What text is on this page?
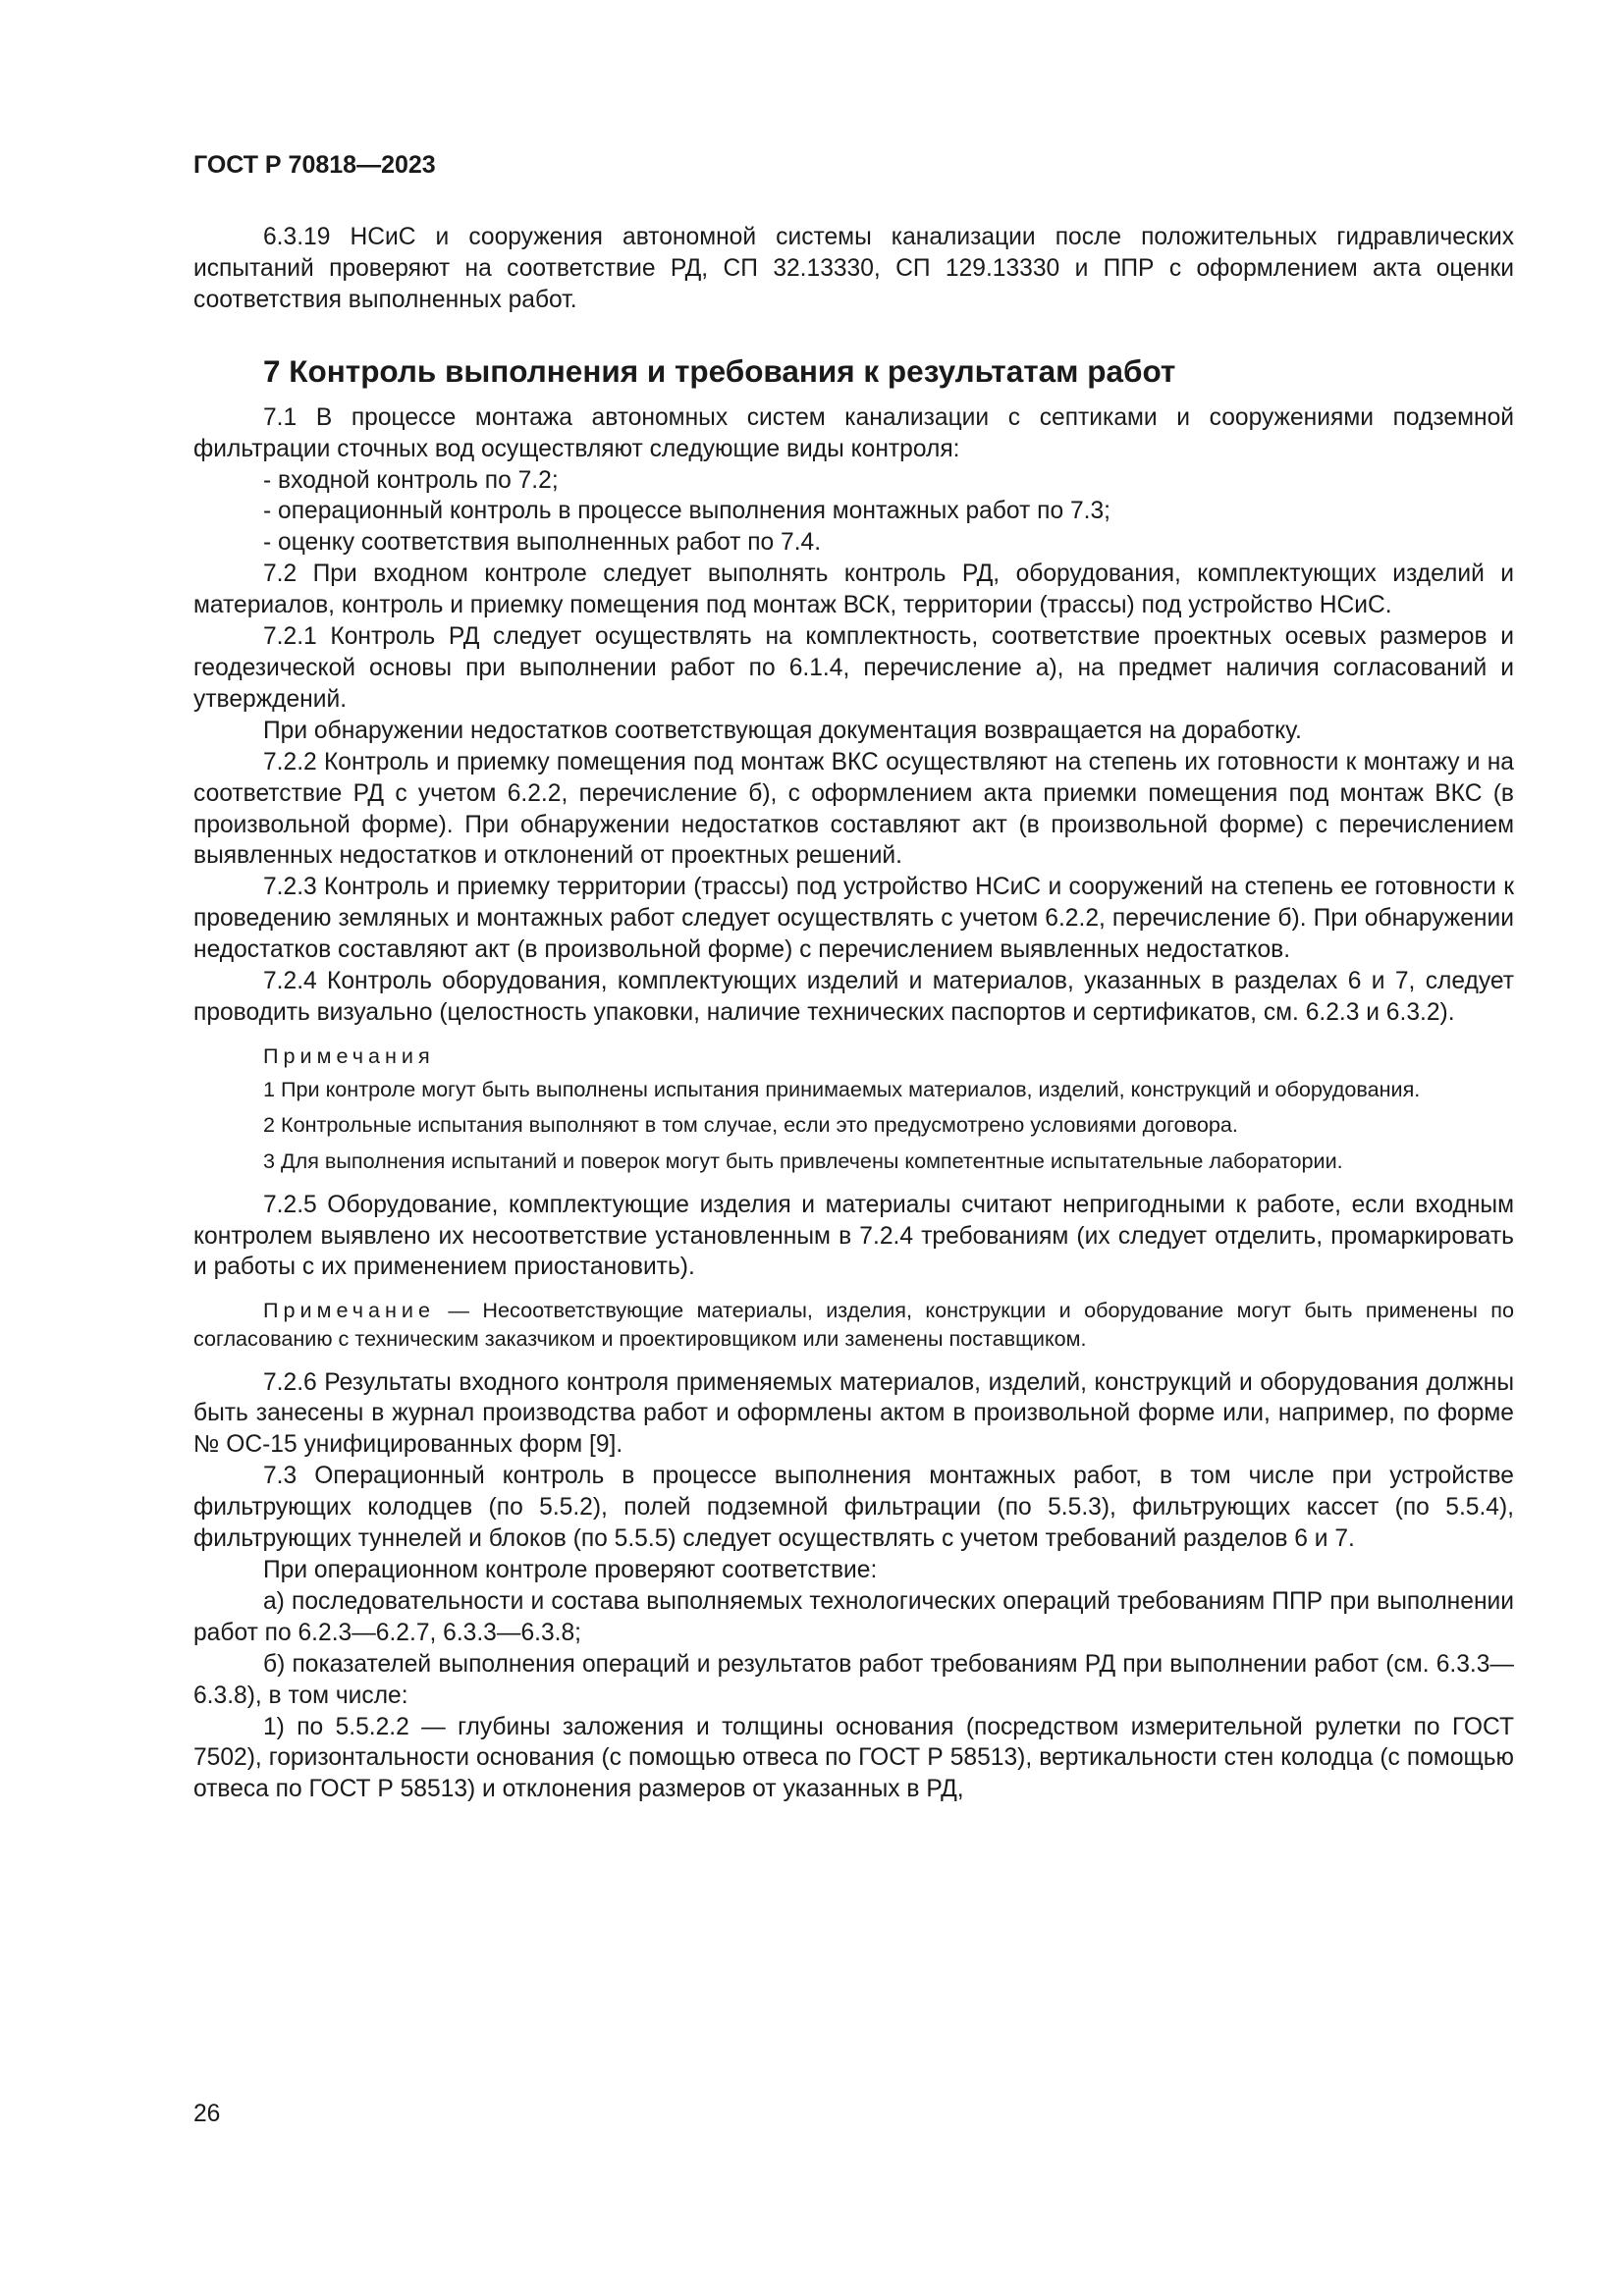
ГОСТ Р 70818—2023

6.3.19 НСиС и сооружения автономной системы канализации после положительных гидравлических испытаний проверяют на соответствие РД, СП 32.13330, СП 129.13330 и ППР с оформлением акта оценки соответствия выполненных работ.

7 Контроль выполнения и требования к результатам работ

7.1 В процессе монтажа автономных систем канализации с септиками и сооружениями подземной фильтрации сточных вод осуществляют следующие виды контроля:

- входной контроль по 7.2;

- операционный контроль в процессе выполнения монтажных работ по 7.3;

- оценку соответствия выполненных работ по 7.4.

7.2 При входном контроле следует выполнять контроль РД, оборудования, комплектующих изделий и материалов, контроль и приемку помещения под монтаж ВСК, территории (трассы) под устройство НСиС.

7.2.1 Контроль РД следует осуществлять на комплектность, соответствие проектных осевых размеров и геодезической основы при выполнении работ по 6.1.4, перечисление а), на предмет наличия согласований и утверждений.

При обнаружении недостатков соответствующая документация возвращается на доработку.

7.2.2 Контроль и приемку помещения под монтаж ВКС осуществляют на степень их готовности к монтажу и на соответствие РД с учетом 6.2.2, перечисление б), с оформлением акта приемки помещения под монтаж ВКС (в произвольной форме). При обнаружении недостатков составляют акт (в произвольной форме) с перечислением выявленных недостатков и отклонений от проектных решений.

7.2.3 Контроль и приемку территории (трассы) под устройство НСиС и сооружений на степень ее готовности к проведению земляных и монтажных работ следует осуществлять с учетом 6.2.2, перечисление б). При обнаружении недостатков составляют акт (в произвольной форме) с перечислением выявленных недостатков.

7.2.4 Контроль оборудования, комплектующих изделий и материалов, указанных в разделах 6 и 7, следует проводить визуально (целостность упаковки, наличие технических паспортов и сертификатов, см. 6.2.3 и 6.3.2).

Примечания

1 При контроле могут быть выполнены испытания принимаемых материалов, изделий, конструкций и оборудования.

2 Контрольные испытания выполняют в том случае, если это предусмотрено условиями договора.

3 Для выполнения испытаний и поверок могут быть привлечены компетентные испытательные лаборатории.

7.2.5 Оборудование, комплектующие изделия и материалы считают непригодными к работе, если входным контролем выявлено их несоответствие установленным в 7.2.4 требованиям (их следует отделить, промаркировать и работы с их применением приостановить).

Примечание — Несоответствующие материалы, изделия, конструкции и оборудование могут быть применены по согласованию с техническим заказчиком и проектировщиком или заменены поставщиком.

7.2.6 Результаты входного контроля применяемых материалов, изделий, конструкций и оборудования должны быть занесены в журнал производства работ и оформлены актом в произвольной форме или, например, по форме № ОС-15 унифицированных форм [9].

7.3 Операционный контроль в процессе выполнения монтажных работ, в том числе при устройстве фильтрующих колодцев (по 5.5.2), полей подземной фильтрации (по 5.5.3), фильтрующих кассет (по 5.5.4), фильтрующих туннелей и блоков (по 5.5.5) следует осуществлять с учетом требований разделов 6 и 7.

При операционном контроле проверяют соответствие:

а) последовательности и состава выполняемых технологических операций требованиям ППР при выполнении работ по 6.2.3—6.2.7, 6.3.3—6.3.8;

б) показателей выполнения операций и результатов работ требованиям РД при выполнении работ (см. 6.3.3—6.3.8), в том числе:

1) по 5.5.2.2 — глубины заложения и толщины основания (посредством измерительной рулетки по ГОСТ 7502), горизонтальности основания (с помощью отвеса по ГОСТ Р 58513), вертикальности стен колодца (с помощью отвеса по ГОСТ Р 58513) и отклонения размеров от указанных в РД,

26
